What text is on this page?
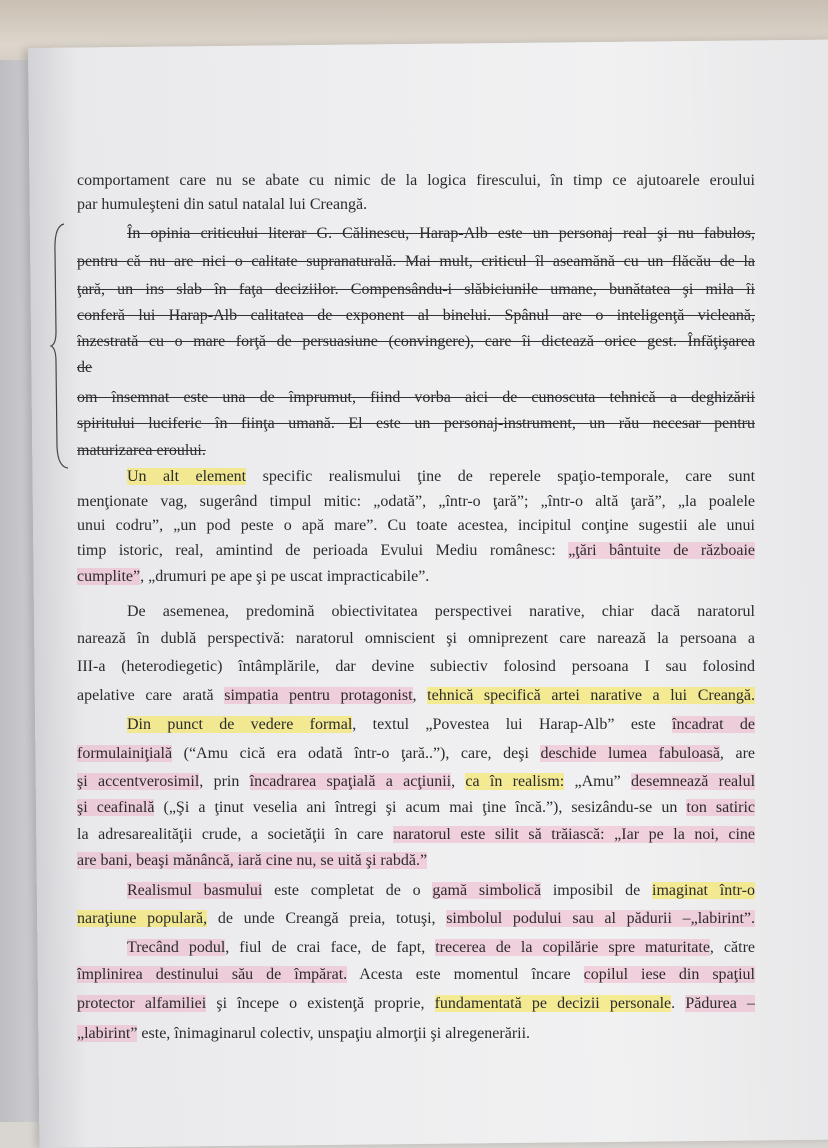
comportament care nu se abate cu nimic de la logica firescului, în timp ce ajutoarele eroului
par humuleşteni din satul natalal lui Creangă.
În opinia criticului literar G. Călinescu, Harap-Alb este un personaj real şi nu fabulos,
pentru că nu are nici o calitate supranaturală. Mai mult, criticul îl aseamănă cu un flăcău de la
ţară, un ins slab în faţa deciziilor. Compensându-i slăbiciunile umane, bunătatea şi mila îi
conferă lui Harap-Alb calitatea de exponent al binelui. Spânul are o inteligenţă vicleană,
înzestrată cu o mare forţă de persuasiune (convingere), care îi dictează orice gest. Înfăţişarea
de
om însemnat este una de împrumut, fiind vorba aici de cunoscuta tehnică a deghizării
spiritului luciferic în fiinţa umană. El este un personaj-instrument, un rău necesar pentru
maturizarea eroului.
Un alt element specific realismului ţine de reperele spaţio-temporale, care sunt
menţionate vag, sugerând timpul mitic: „odată”, „într-o ţară”; „într-o altă ţară”, „la poalele
unui codru”, „un pod peste o apă mare”. Cu toate acestea, incipitul conţine sugestii ale unui
timp istoric, real, amintind de perioada Evului Mediu românesc: „ţări bântuite de războaie
cumplite”, „drumuri pe ape şi pe uscat impracticabile”.
De asemenea, predomină obiectivitatea perspectivei narative, chiar dacă naratorul
narează în dublă perspectivă: naratorul omniscient şi omniprezent care narează la persoana a
III-a (heterodiegetic) întâmplările, dar devine subiectiv folosind persoana I sau folosind
apelative care arată simpatia pentru protagonist, tehnică specifică artei narative a lui Creangă.
Din punct de vedere formal, textul „Povestea lui Harap-Alb” este încadrat de
formulainiţială (“Amu cică era odată într-o ţară..”), care, deşi deschide lumea fabuloasă, are
şi accentverosimil, prin încadrarea spaţială a acţiunii, ca în realism: „Amu” desemnează realul
şi ceafinală („Şi a ţinut veselia ani întregi şi acum mai ţine încă.”), sesizându-se un ton satiric
la adresarealităţii crude, a societăţii în care naratorul este silit să trăiască: „Iar pe la noi, cine
are bani, beaşi mănâncă, iară cine nu, se uită şi rabdă.”
Realismul basmului este completat de o gamă simbolică imposibil de imaginat într-o
naraţiune populară, de unde Creangă preia, totuşi, simbolul podului sau al pădurii –„labirint”.
Trecând podul, fiul de crai face, de fapt, trecerea de la copilărie spre maturitate, către
împlinirea destinului său de împărat. Acesta este momentul încare copilul iese din spaţiul
protector alfamiliei şi începe o existenţă proprie, fundamentată pe decizii personale. Pădurea –
„labirint” este, înimaginarul colectiv, unspaţiu almorţii şi alregenerării.
